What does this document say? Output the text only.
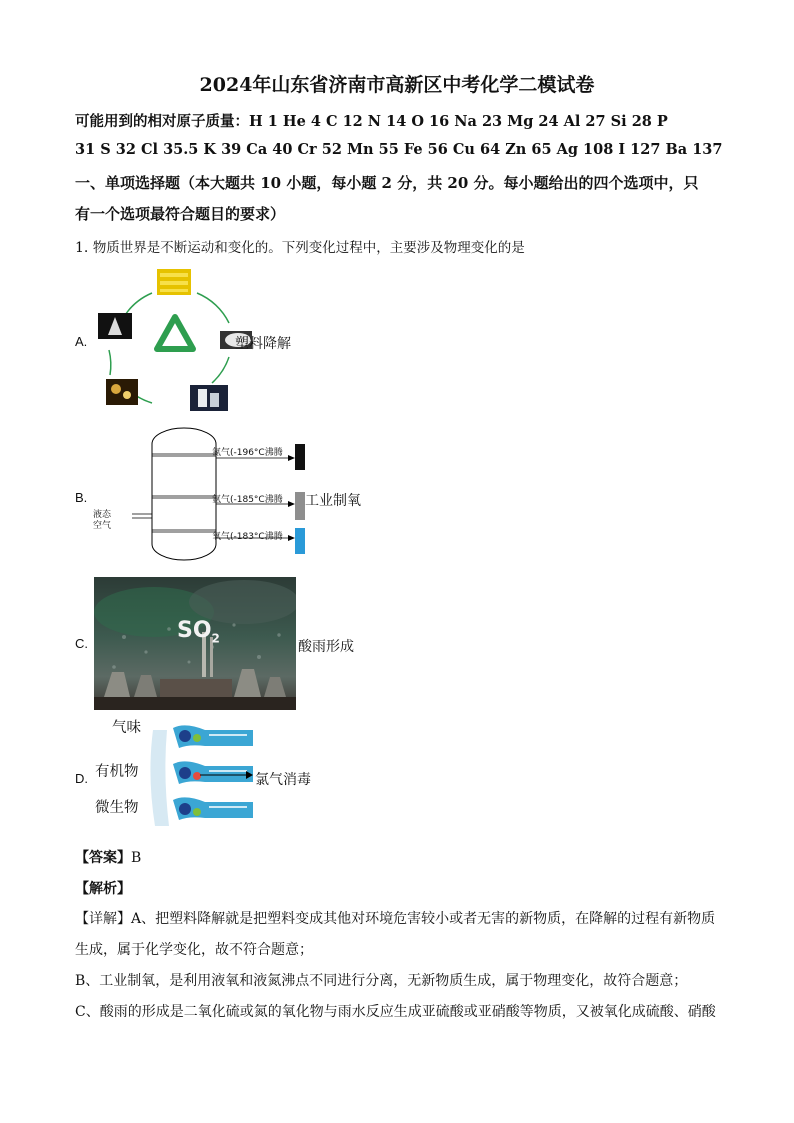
2024年山东省济南市高新区中考化学二模试卷
可能用到的相对原子质量：H 1 He 4 C 12 N 14 O 16 Na 23 Mg 24 Al 27 Si 28 P
31 S 32 Cl 35.5 K 39 Ca 40 Cr 52 Mn 55 Fe 56 Cu 64 Zn 65 Ag 108 I 127 Ba 137
一、单项选择题（本大题共 10 小题，每小题 2 分，共 20 分。每小题给出的四个选项中，只
有一个选项最符合题目的要求）
1. 物质世界是不断运动和变化的。下列变化过程中，主要涉及物理变化的是
A.	塑料降解
B.
液态
空气
氮气(-196°C沸腾
氩气(-185°C沸腾
氧气(-183°C沸腾
工业制氧
C.
$SO_2$
酸雨形成
D.
气味
有机物
微生物
氯气消毒
【答案】B
【解析】
【详解】A、把塑料降解就是把塑料变成其他对环境危害较小或者无害的新物质，在降解的过程有新物质
生成，属于化学变化，故不符合题意；
B、工业制氧，是利用液氧和液氮沸点不同进行分离，无新物质生成，属于物理变化，故符合题意；
C、酸雨的形成是二氧化硫或氮的氧化物与雨水反应生成亚硫酸或亚硝酸等物质，又被氧化成硫酸、硝酸
